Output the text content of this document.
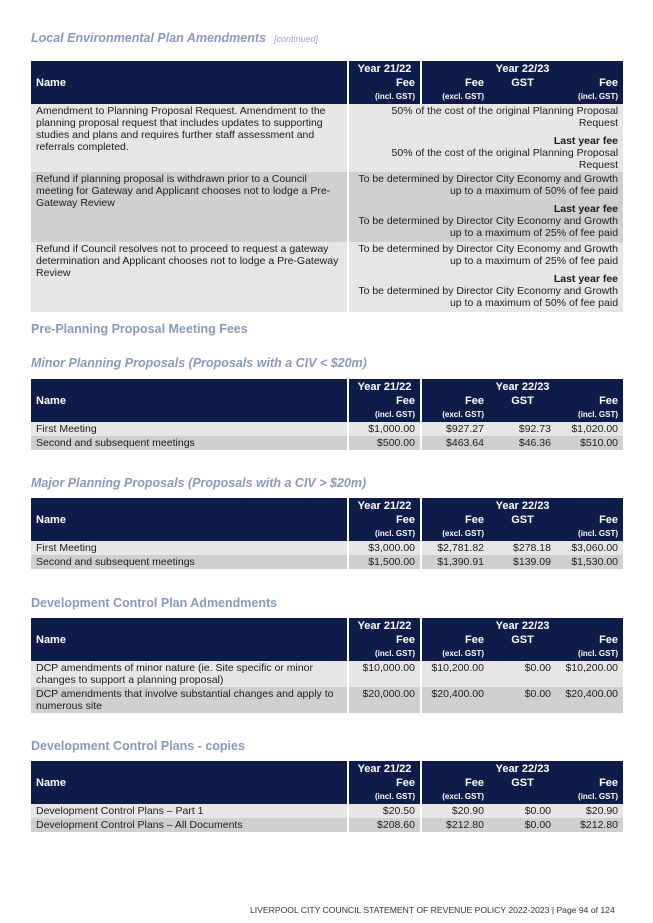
Local Environmental Plan Amendments [continued]
Name	Year 21/22	Year 22/23		
	Fee	Fee	GST	Fee
	(incl. GST)	(excl. GST)		(incl. GST)
Amendment to Planning Proposal Request. Amendment to the planning proposal request that includes updates to supporting studies and plans and requires further staff assessment and referrals completed.	50% of the cost of the original Planning Proposal Request
Last year fee
50% of the cost of the original Planning Proposal Request			

Refund if planning proposal is withdrawn prior to a Council meeting for Gateway and Applicant chooses not to lodge a Pre-Gateway Review	To be determined by Director City Economy and Growth up to a maximum of 50% of fee paid
Last year fee
To be determined by Director City Economy and Growth up to a maximum of 25% of fee paid			

Refund if Council resolves not to proceed to request a gateway determination and Applicant chooses not to lodge a Pre-Gateway Review	To be determined by Director City Economy and Growth up to a maximum of 25% of fee paid
Last year fee
To be determined by Director City Economy and Growth up to a maximum of 50% of fee paid			
Pre-Planning Proposal Meeting Fees
Minor Planning Proposals (Proposals with a CIV < $20m)
Name	Year 21/22	Year 22/23		
	Fee	Fee	GST	Fee
	(incl. GST)	(excl. GST)		(incl. GST)
First Meeting	$1,000.00	$927.27	$92.73	$1,020.00
Second and subsequent meetings	$500.00	$463.64	$46.36	$510.00
Major Planning Proposals (Proposals with a CIV > $20m)
Name	Year 21/22	Year 22/23		
	Fee	Fee	GST	Fee
	(incl. GST)	(excl. GST)		(incl. GST)
First Meeting	$3,000.00	$2,781.82	$278.18	$3,060.00
Second and subsequent meetings	$1,500.00	$1,390.91	$139.09	$1,530.00
Development Control Plan Admendments
Name	Year 21/22	Year 22/23		
	Fee	Fee	GST	Fee
	(incl. GST)	(excl. GST)		(incl. GST)
DCP amendments of minor nature (ie. Site specific or minor changes to support a planning proposal)	$10,000.00	$10,200.00	$0.00	$10,200.00
DCP amendments that involve substantial changes and apply to numerous site	$20,000.00	$20,400.00	$0.00	$20,400.00
Development Control Plans - copies
Name	Year 21/22	Year 22/23		
	Fee	Fee	GST	Fee
	(incl. GST)	(excl. GST)		(incl. GST)
Development Control Plans – Part 1	$20.50	$20.90	$0.00	$20.90
Development Control Plans – All Documents	$208.60	$212.80	$0.00	$212.80
LIVERPOOL CITY COUNCIL STATEMENT OF REVENUE POLICY 2022-2023 | Page 94 of 124
